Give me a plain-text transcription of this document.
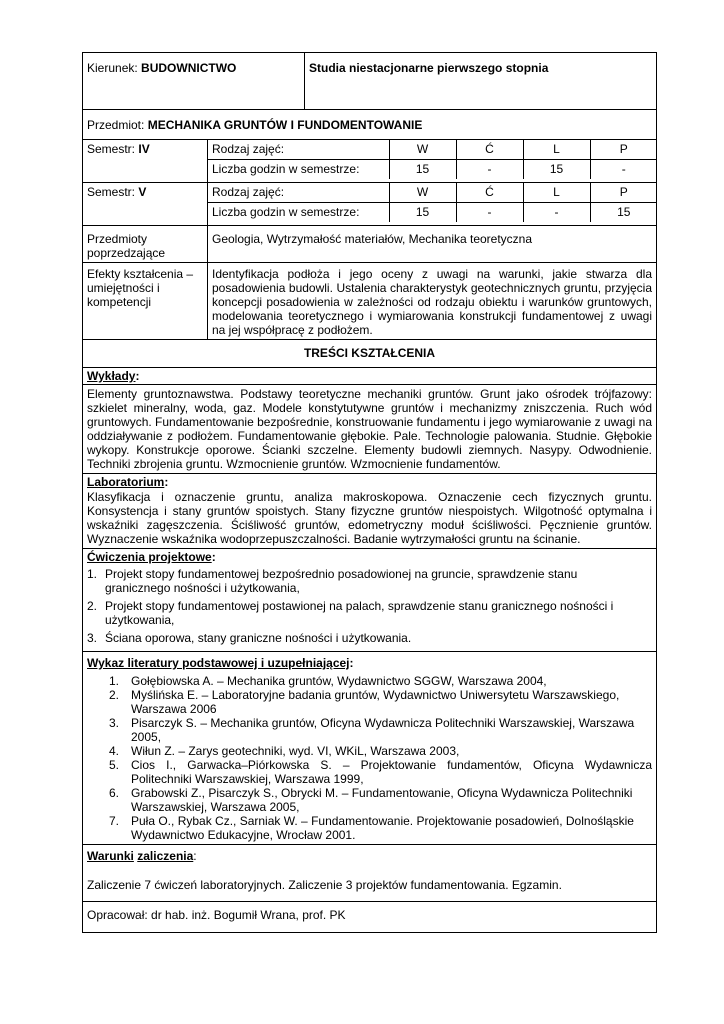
Kierunek: BUDOWNICTWO	Studia niestacjonarne pierwszego stopnia
Przedmiot: MECHANIKA GRUNTÓW I FUNDOMENTOWANIE
Semestr: IV		Rodzaj zajęć:	W	Ć	L	P
Liczba godzin w semestrze:	15	-	15	-

Semestr: V		Rodzaj zajęć:	W	Ć	L	P
Liczba godzin w semestrze:	15	-	-	15

Przedmioty poprzedzające	Geologia, Wytrzymałość materiałów, Mechanika teoretyczna
Efekty kształcenia – umiejętności i kompetencji	Identyfikacja podłoża i jego oceny z uwagi na warunki, jakie stwarza dla posadowienia budowli. Ustalenia charakterystyk geotechnicznych gruntu, przyjęcia koncepcji posadowienia w zależności od rodzaju obiektu i warunków gruntowych, modelowania teoretycznego i wymiarowania konstrukcji fundamentowej z uwagi na jej współpracę z podłożem.
TREŚCI KSZTAŁCENIA

Wykłady:
Elementy gruntoznawstwa. Podstawy teoretyczne mechaniki gruntów. Grunt jako ośrodek trójfazowy: szkielet mineralny, woda, gaz. Modele konstytutywne gruntów i mechanizmy zniszczenia. Ruch wód gruntowych. Fundamentowanie bezpośrednie, konstruowanie fundamentu i jego wymiarowanie z uwagi na oddziaływanie z podłożem. Fundamentowanie głębokie. Pale. Technologie palowania. Studnie. Głębokie wykopy. Konstrukcje oporowe. Ścianki szczelne. Elementy budowli ziemnych. Nasypy. Odwodnienie. Techniki zbrojenia gruntu. Wzmocnienie gruntów. Wzmocnienie fundamentów.

Laboratorium:
Klasyfikacja i oznaczenie gruntu, analiza makroskopowa. Oznaczenie cech fizycznych gruntu. Konsystencja i stany gruntów spoistych. Stany fizyczne gruntów niespoistych. Wilgotność optymalna i wskaźniki zagęszczenia. Ściśliwość gruntów, edometryczny moduł ściśliwości. Pęcznienie gruntów. Wyznaczenie wskaźnika wodoprzepuszczalności. Badanie wytrzymałości gruntu na ścinanie.

Ćwiczenia projektowe:
1. Projekt stopy fundamentowej bezpośrednio posadowionej na gruncie, sprawdzenie stanu granicznego nośności i użytkowania,
2. Projekt stopy fundamentowej postawionej na palach, sprawdzenie stanu granicznego nośności i użytkowania,
3. Ściana oporowa, stany graniczne nośności i użytkowania.

Wykaz literatury podstawowej i uzupełniającej:
1. Gołębiowska A. – Mechanika gruntów, Wydawnictwo SGGW, Warszawa 2004,
2. Myślińska E. – Laboratoryjne badania gruntów, Wydawnictwo Uniwersytetu Warszawskiego, Warszawa 2006
3. Pisarczyk S. – Mechanika gruntów, Oficyna Wydawnicza Politechniki Warszawskiej, Warszawa 2005,
4. Wiłun Z. – Zarys geotechniki, wyd. VI, WKiL, Warszawa 2003,
5. Cios I., Garwacka–Piórkowska S. – Projektowanie fundamentów, Oficyna Wydawnicza Politechniki Warszawskiej, Warszawa 1999,
6. Grabowski Z., Pisarczyk S., Obrycki M. – Fundamentowanie, Oficyna Wydawnicza Politechniki Warszawskiej, Warszawa 2005,
7. Puła O., Rybak Cz., Sarniak W. – Fundamentowanie. Projektowanie posadowień, Dolnośląskie Wydawnictwo Edukacyjne, Wrocław 2001.

Warunki zaliczenia:
Zaliczenie 7 ćwiczeń laboratoryjnych. Zaliczenie 3 projektów fundamentowania. Egzamin.

Opracował: dr hab. inż. Bogumił Wrana, prof. PK
